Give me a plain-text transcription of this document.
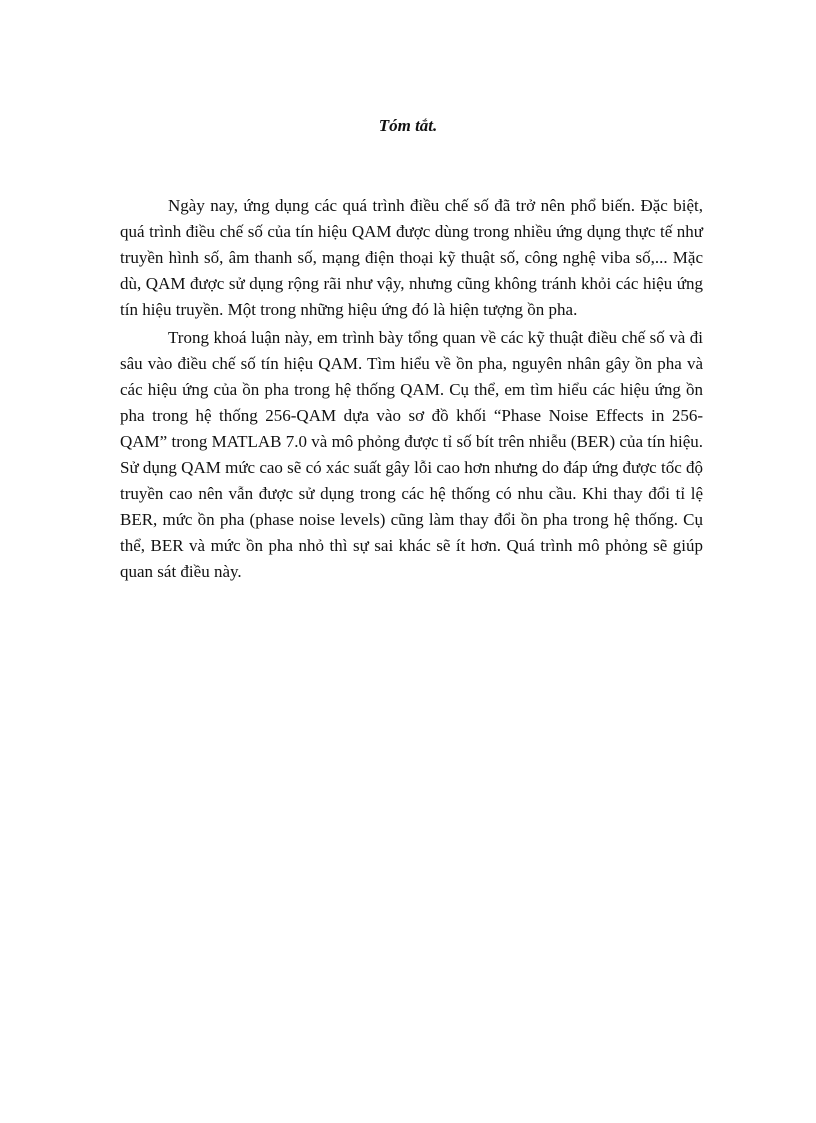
Tóm tắt.

Ngày nay, ứng dụng các quá trình điều chế số đã trở nên phổ biến. Đặc biệt, quá trình điều chế số của tín hiệu QAM được dùng trong nhiều ứng dụng thực tế như truyền hình số, âm thanh số, mạng điện thoại kỹ thuật số, công nghệ viba số,... Mặc dù, QAM được sử dụng rộng rãi như vậy, nhưng cũng không tránh khỏi các hiệu ứng tín hiệu truyền. Một trong những hiệu ứng đó là hiện tượng ồn pha.

Trong khoá luận này, em trình bày tổng quan về các kỹ thuật điều chế số và đi sâu vào điều chế số tín hiệu QAM. Tìm hiểu về ồn pha, nguyên nhân gây ồn pha và các hiệu ứng của ồn pha trong hệ thống QAM. Cụ thể, em tìm hiểu các hiệu ứng ồn pha trong hệ thống 256-QAM dựa vào sơ đồ khối “Phase Noise Effects in 256-QAM” trong MATLAB 7.0 và mô phỏng được tỉ số bít trên nhiễu (BER) của tín hiệu. Sử dụng QAM mức cao sẽ có xác suất gây lỗi cao hơn nhưng do đáp ứng được tốc độ truyền cao nên vẫn được sử dụng trong các hệ thống có nhu cầu. Khi thay đổi tỉ lệ BER, mức ồn pha (phase noise levels) cũng làm thay đổi ồn pha trong hệ thống. Cụ thể, BER và mức ồn pha nhỏ thì sự sai khác sẽ ít hơn. Quá trình mô phỏng sẽ giúp quan sát điều này.
